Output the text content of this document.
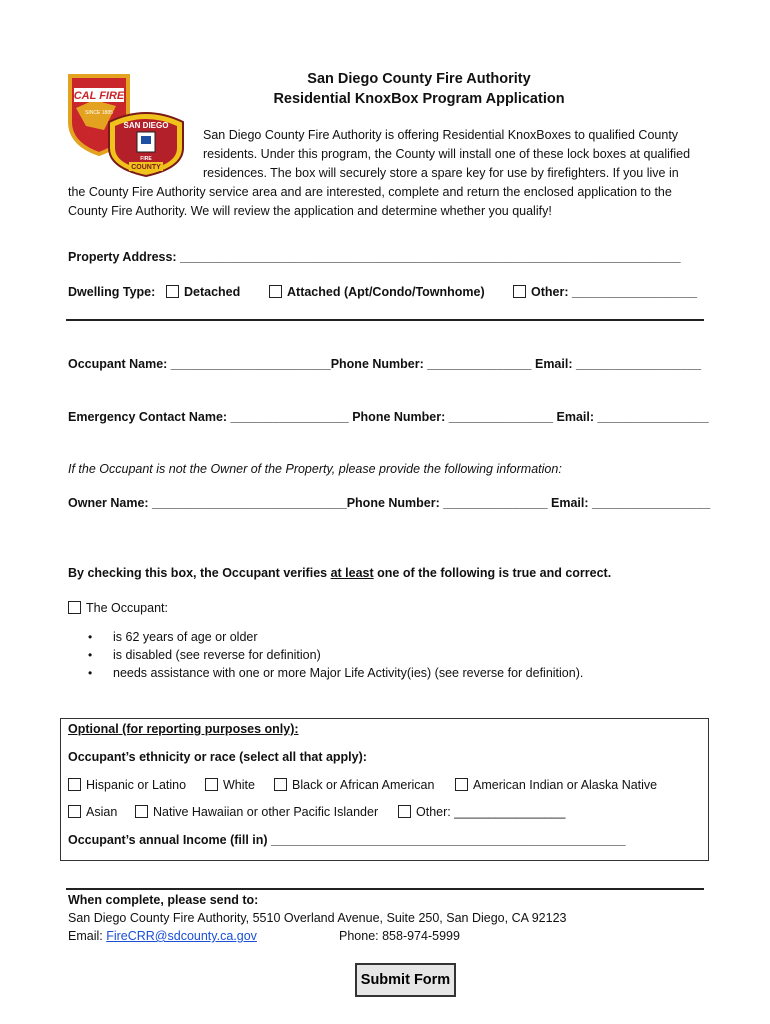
CAL FIRE
SINCE 1885
SAN DIEGO
FIRE
COUNTY
San Diego County Fire Authority
Residential KnoxBox Program Application
San Diego County Fire Authority is offering Residential KnoxBoxes to qualified County
residents. Under this program, the County will install one of these lock boxes at qualified
residences. The box will securely store a spare key for use by firefighters. If you live in
the County Fire Authority service area and are interested, complete and return the enclosed application to the
County Fire Authority. We will review the application and determine whether you qualify!
Property Address: ________________________________________________________________________
Dwelling Type:	Detached	Attached (Apt/Condo/Townhome)	Other: __________________
Occupant Name: _______________________Phone Number: _______________ Email: __________________
Emergency Contact Name: _________________ Phone Number: _______________ Email: ________________
If the Occupant is not the Owner of the Property, please provide the following information:
Owner Name: ____________________________Phone Number: _______________ Email: _________________
By checking this box, the Occupant verifies at least one of the following is true and correct.
The Occupant:
• is 62 years of age or older
• is disabled (see reverse for definition)
• needs assistance with one or more Major Life Activity(ies) (see reverse for definition).
Optional (for reporting purposes only):
Occupant’s ethnicity or race (select all that apply):
Hispanic or Latino	White	Black or African American	American Indian or Alaska Native
Asian	Native Hawaiian or other Pacific Islander	Other: ________________
Occupant’s annual Income (fill in) ___________________________________________________
When complete, please send to:
San Diego County Fire Authority, 5510 Overland Avenue, Suite 250, San Diego, CA 92123
Email: FireCRR@sdcounty.ca.gov	Phone: 858-974-5999
Submit Form
